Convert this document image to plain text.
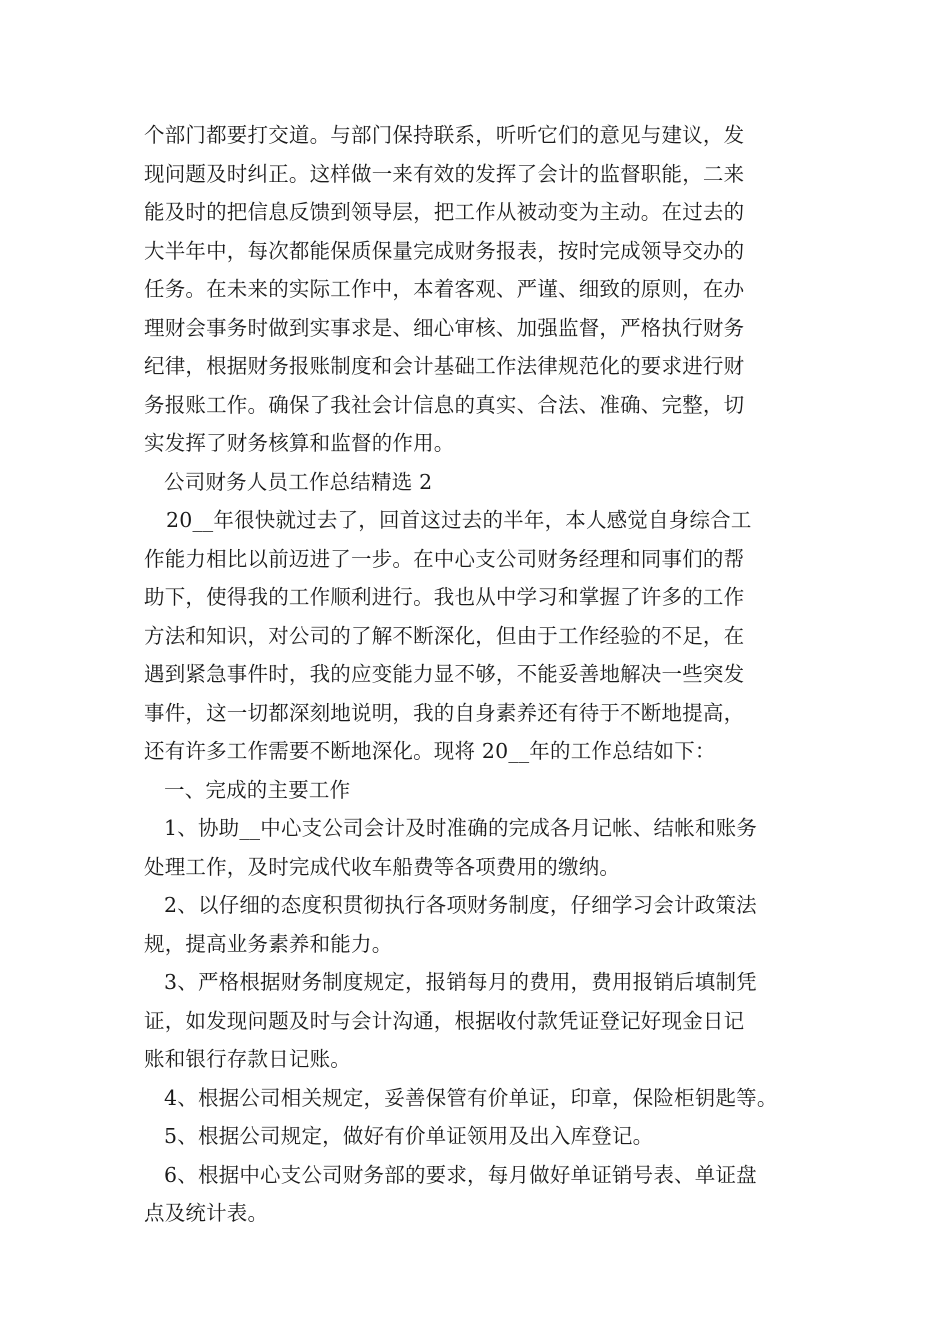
个部门都要打交道。与部门保持联系，听听它们的意见与建议，发
现问题及时纠正。这样做一来有效的发挥了会计的监督职能，二来
能及时的把信息反馈到领导层，把工作从被动变为主动。在过去的
大半年中，每次都能保质保量完成财务报表，按时完成领导交办的
任务。在未来的实际工作中，本着客观、严谨、细致的原则，在办
理财会事务时做到实事求是、细心审核、加强监督，严格执行财务
纪律，根据财务报账制度和会计基础工作法律规范化的要求进行财
务报账工作。确保了我社会计信息的真实、合法、准确、完整，切
实发挥了财务核算和监督的作用。
公司财务人员工作总结精选 2
20__年很快就过去了，回首这过去的半年，本人感觉自身综合工
作能力相比以前迈进了一步。在中心支公司财务经理和同事们的帮
助下，使得我的工作顺利进行。我也从中学习和掌握了许多的工作
方法和知识，对公司的了解不断深化，但由于工作经验的不足，在
遇到紧急事件时，我的应变能力显不够，不能妥善地解决一些突发
事件，这一切都深刻地说明，我的自身素养还有待于不断地提高，
还有许多工作需要不断地深化。现将 20__年的工作总结如下：
一、完成的主要工作
1、协助__中心支公司会计及时准确的完成各月记帐、结帐和账务
处理工作，及时完成代收车船费等各项费用的缴纳。
2、以仔细的态度积贯彻执行各项财务制度，仔细学习会计政策法
规，提高业务素养和能力。
3、严格根据财务制度规定，报销每月的费用，费用报销后填制凭
证，如发现问题及时与会计沟通，根据收付款凭证登记好现金日记
账和银行存款日记账。
4、根据公司相关规定，妥善保管有价单证，印章，保险柜钥匙等。
5、根据公司规定，做好有价单证领用及出入库登记。
6、根据中心支公司财务部的要求，每月做好单证销号表、单证盘
点及统计表。
